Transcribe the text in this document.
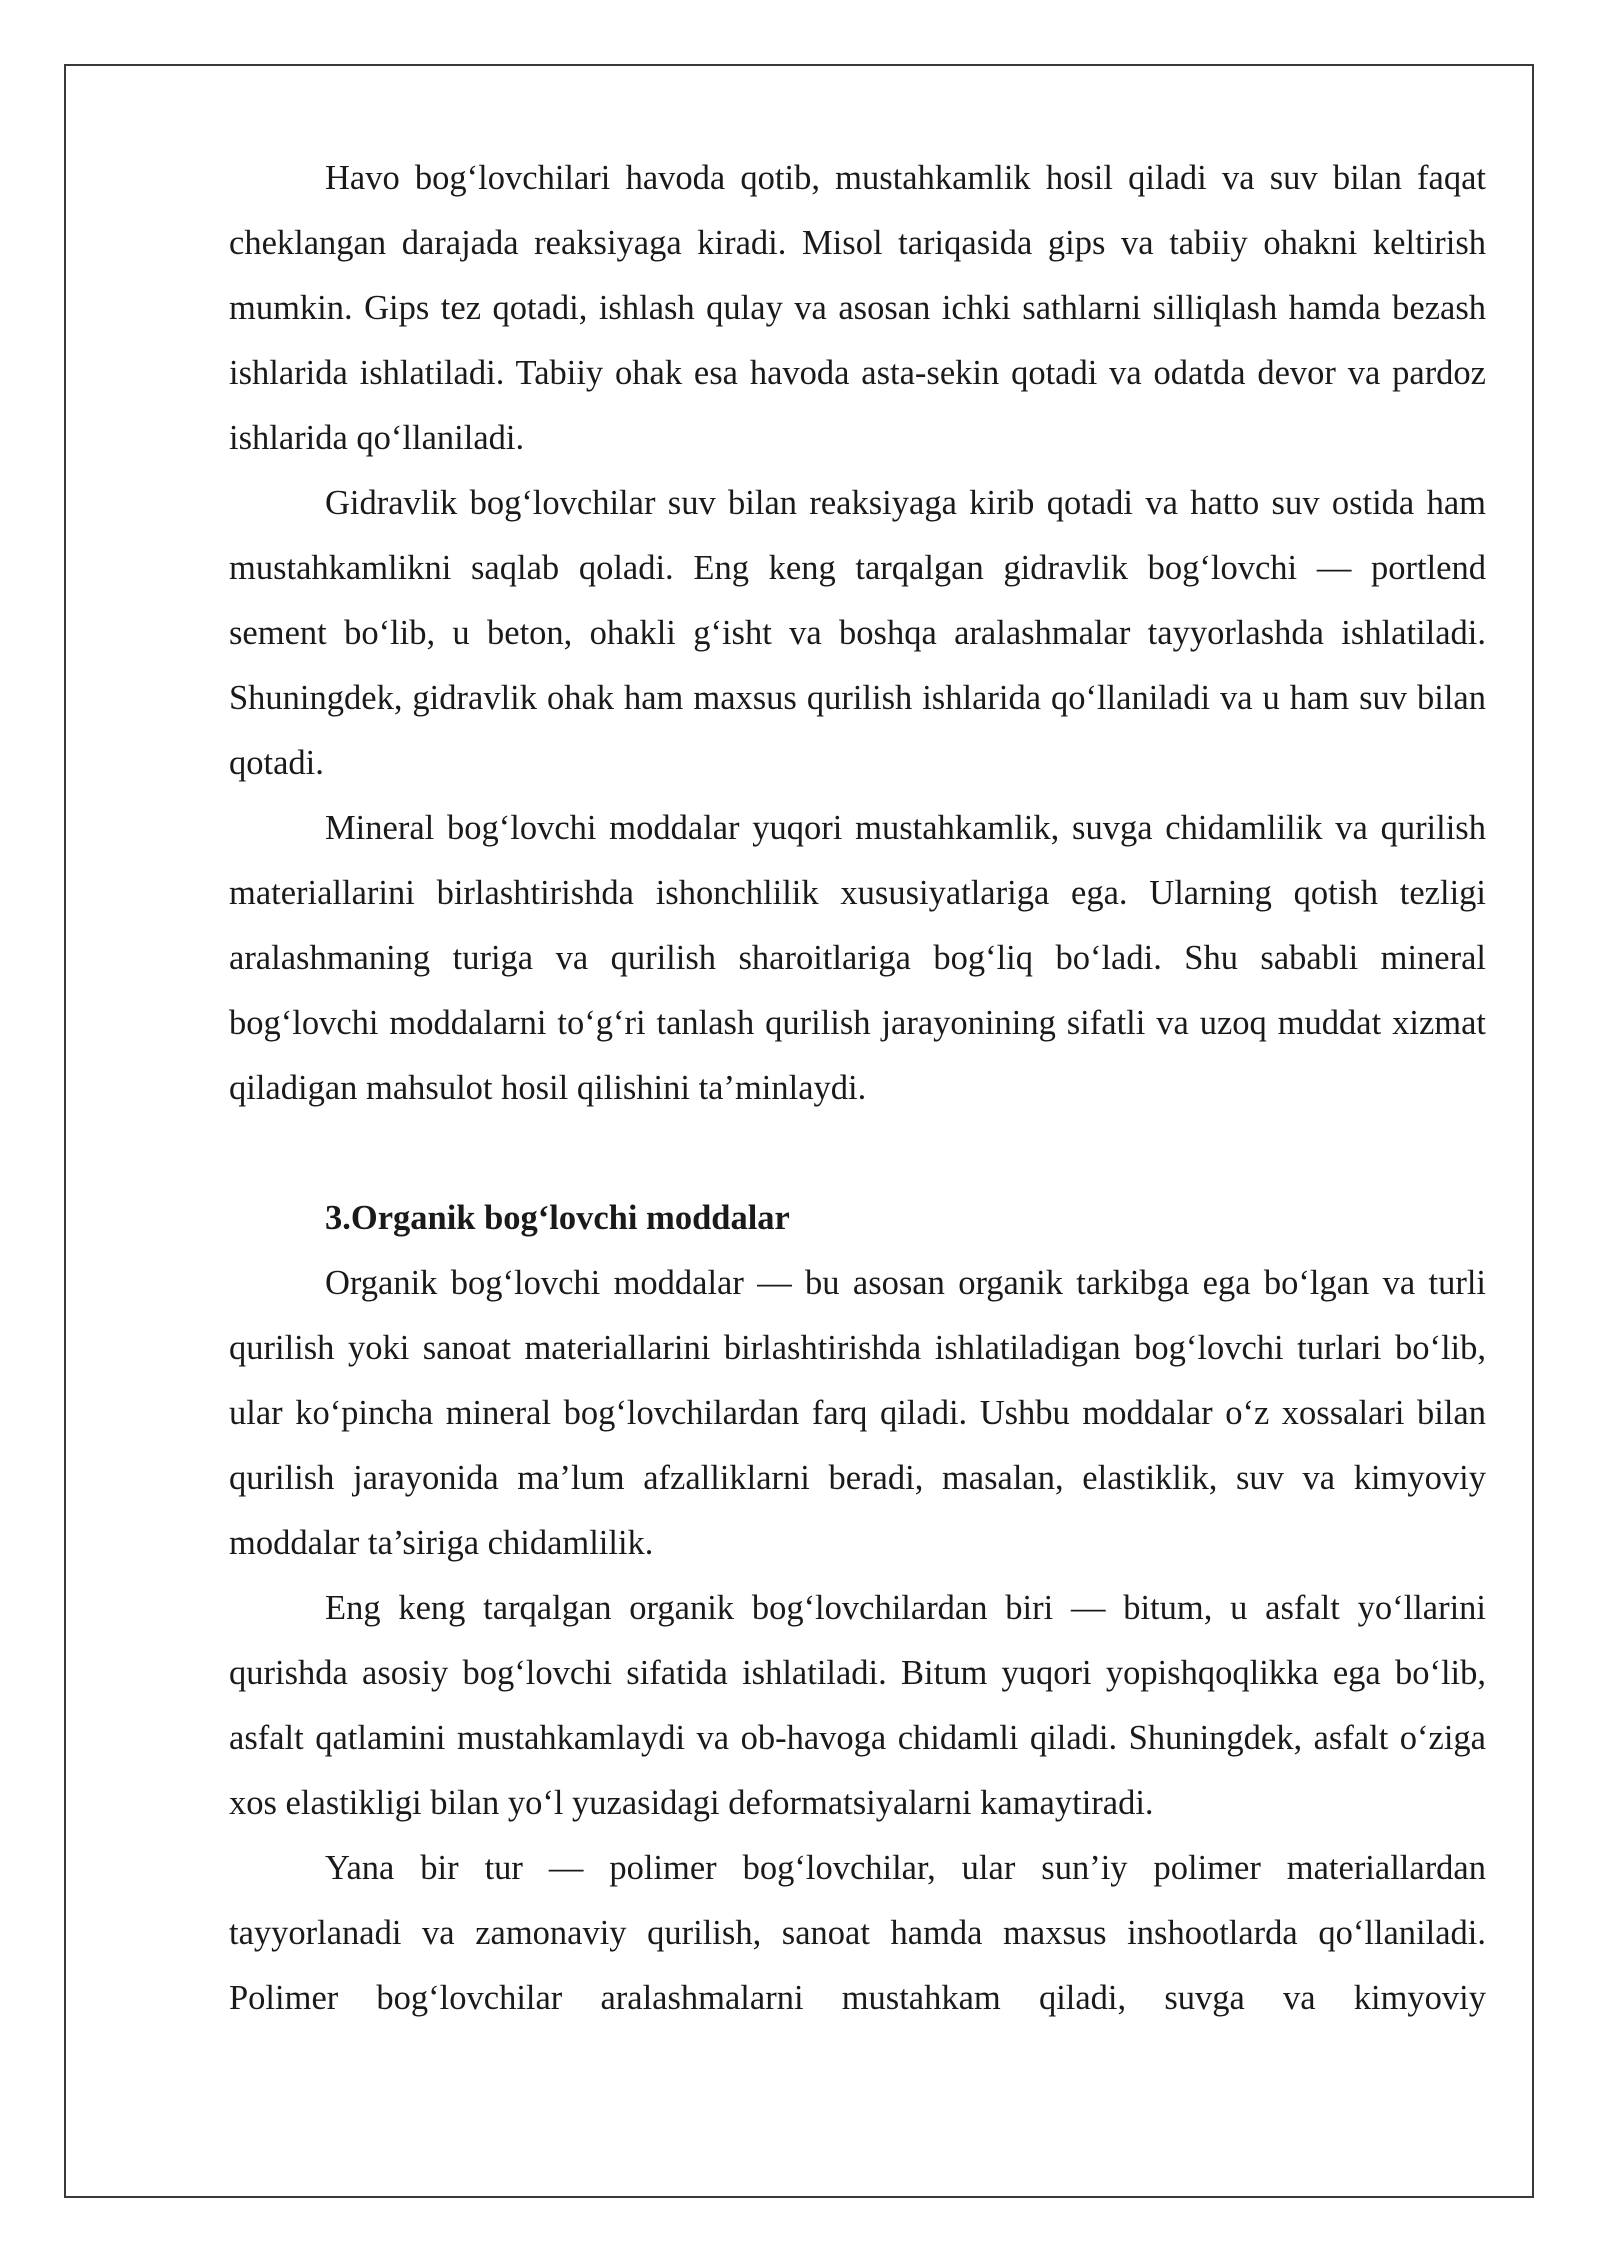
Havo bog‘lovchilari havoda qotib, mustahkamlik hosil qiladi va suv bilan faqat cheklangan darajada reaksiyaga kiradi. Misol tariqasida gips va tabiiy ohakni keltirish mumkin. Gips tez qotadi, ishlash qulay va asosan ichki sathlarni silliqlash hamda bezash ishlarida ishlatiladi. Tabiiy ohak esa havoda asta-sekin qotadi va odatda devor va pardoz ishlarida qo‘llaniladi.

Gidravlik bog‘lovchilar suv bilan reaksiyaga kirib qotadi va hatto suv ostida ham mustahkamlikni saqlab qoladi. Eng keng tarqalgan gidravlik bog‘lovchi — portlend sement bo‘lib, u beton, ohakli g‘isht va boshqa aralashmalar tayyorlashda ishlatiladi. Shuningdek, gidravlik ohak ham maxsus qurilish ishlarida qo‘llaniladi va u ham suv bilan qotadi.

Mineral bog‘lovchi moddalar yuqori mustahkamlik, suvga chidamlilik va qurilish materiallarini birlashtirishda ishonchlilik xususiyatlariga ega. Ularning qotish tezligi aralashmaning turiga va qurilish sharoitlariga bog‘liq bo‘ladi. Shu sababli mineral bog‘lovchi moddalarni to‘g‘ri tanlash qurilish jarayonining sifatli va uzoq muddat xizmat qiladigan mahsulot hosil qilishini ta’minlaydi.

3.Organik bog‘lovchi moddalar

Organik bog‘lovchi moddalar — bu asosan organik tarkibga ega bo‘lgan va turli qurilish yoki sanoat materiallarini birlashtirishda ishlatiladigan bog‘lovchi turlari bo‘lib, ular ko‘pincha mineral bog‘lovchilardan farq qiladi. Ushbu moddalar o‘z xossalari bilan qurilish jarayonida ma’lum afzalliklarni beradi, masalan, elastiklik, suv va kimyoviy moddalar ta’siriga chidamlilik.

Eng keng tarqalgan organik bog‘lovchilardan biri — bitum, u asfalt yo‘llarini qurishda asosiy bog‘lovchi sifatida ishlatiladi. Bitum yuqori yopishqoqlikka ega bo‘lib, asfalt qatlamini mustahkamlaydi va ob-havoga chidamli qiladi. Shuningdek, asfalt o‘ziga xos elastikligi bilan yo‘l yuzasidagi deformatsiyalarni kamaytiradi.

Yana bir tur — polimer bog‘lovchilar, ular sun’iy polimer materiallardan tayyorlanadi va zamonaviy qurilish, sanoat hamda maxsus inshootlarda qo‘llaniladi. Polimer bog‘lovchilar aralashmalarni mustahkam qiladi, suvga va kimyoviy
